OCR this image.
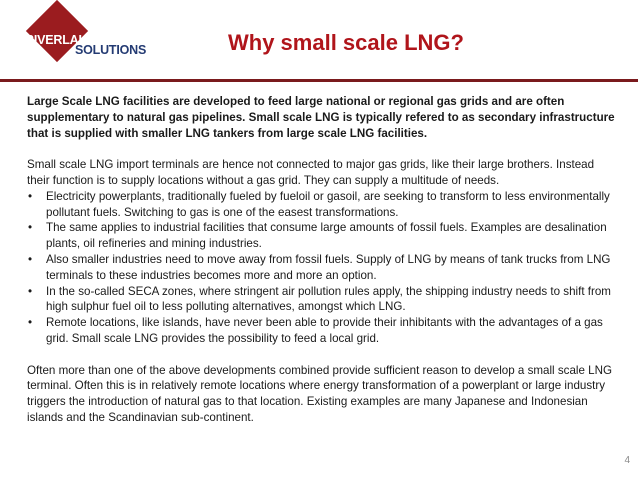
RIVERLAKE
SOLUTIONS	Why small scale LNG?

Large Scale LNG facilities are developed to feed large national or regional gas grids and are often supplementary to natural gas pipelines. Small scale LNG is typically refered to as secondary infrastructure that is supplied with smaller LNG tankers from large scale LNG facilities.

Small scale LNG import terminals are hence not connected to major gas grids, like their large brothers. Instead their function is to supply locations without a gas grid. They can supply a multitude of needs.

• Electricity powerplants, traditionally fueled by fueloil or gasoil, are seeking to transform to less environmentally pollutant fuels. Switching to gas is one of the easest transformations.
• The same applies to industrial facilities that consume large amounts of fossil fuels. Examples are desalination plants, oil refineries and mining industries.
• Also smaller industries need to move away from fossil fuels. Supply of LNG by means of tank trucks from LNG terminals to these industries becomes more and more an option.
• In the so-called SECA zones, where stringent air pollution rules apply, the shipping industry needs to shift from high sulphur fuel oil to less polluting alternatives, amongst which LNG.
• Remote locations, like islands, have never been able to provide their inhibitants with the advantages of a gas grid. Small scale LNG provides the possibility to feed a local grid.

Often more than one of the above developments combined provide sufficient reason to develop a small scale LNG terminal. Often this is in relatively remote locations where energy transformation of a powerplant or large industry triggers the introduction of natural gas to that location. Existing examples are many Japanese and Indonesian islands and the Scandinavian sub-continent.

4
